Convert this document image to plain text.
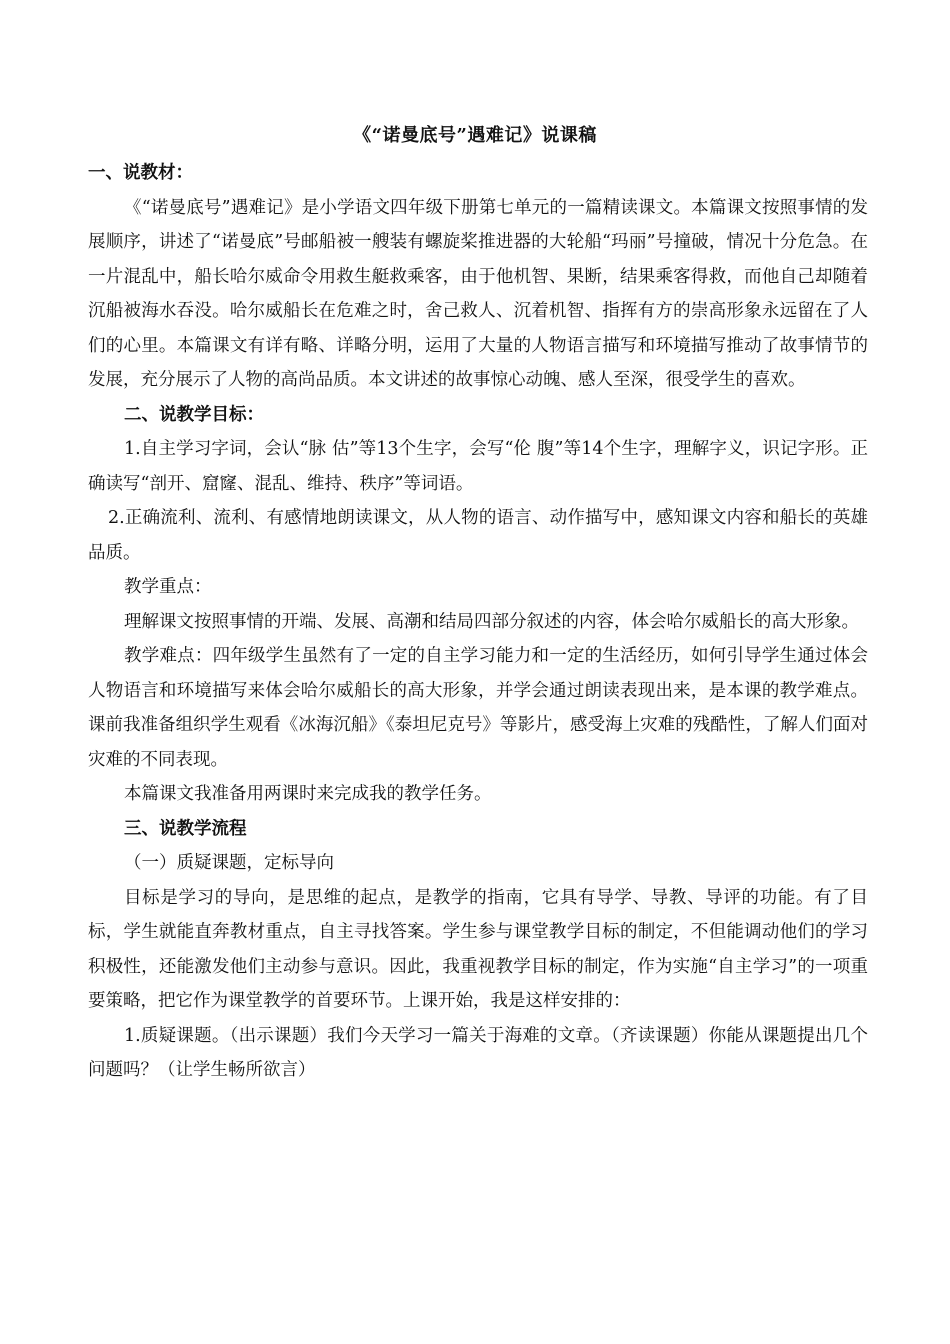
《“诺曼底号”遇难记》说课稿

一、说教材：

《“诺曼底号”遇难记》是小学语文四年级下册第七单元的一篇精读课文。本篇课文按照事情的发展顺序，讲述了“诺曼底”号邮船被一艘装有螺旋桨推进器的大轮船“玛丽”号撞破，情况十分危急。在一片混乱中，船长哈尔威命令用救生艇救乘客，由于他机智、果断，结果乘客得救，而他自己却随着沉船被海水吞没。哈尔威船长在危难之时，舍己救人、沉着机智、指挥有方的崇高形象永远留在了人们的心里。本篇课文有详有略、详略分明，运用了大量的人物语言描写和环境描写推动了故事情节的发展，充分展示了人物的高尚品质。本文讲述的故事惊心动魄、感人至深，很受学生的喜欢。

二、说教学目标：

1.自主学习字词，会认“脉 估”等13个生字，会写“伦 腹”等14个生字，理解字义，识记字形。正确读写“剖开、窟窿、混乱、维持、秩序”等词语。

2.正确流利、流利、有感情地朗读课文，从人物的语言、动作描写中，感知课文内容和船长的英雄品质。

教学重点：

理解课文按照事情的开端、发展、高潮和结局四部分叙述的内容，体会哈尔威船长的高大形象。

教学难点：四年级学生虽然有了一定的自主学习能力和一定的生活经历，如何引导学生通过体会人物语言和环境描写来体会哈尔威船长的高大形象，并学会通过朗读表现出来，是本课的教学难点。课前我准备组织学生观看《冰海沉船》《泰坦尼克号》等影片，感受海上灾难的残酷性，了解人们面对灾难的不同表现。

本篇课文我准备用两课时来完成我的教学任务。

三、说教学流程

（一）质疑课题，定标导向

目标是学习的导向，是思维的起点，是教学的指南，它具有导学、导教、导评的功能。有了目标，学生就能直奔教材重点，自主寻找答案。学生参与课堂教学目标的制定，不但能调动他们的学习积极性，还能激发他们主动参与意识。因此，我重视教学目标的制定，作为实施“自主学习”的一项重要策略，把它作为课堂教学的首要环节。上课开始，我是这样安排的：

1.质疑课题。（出示课题）我们今天学习一篇关于海难的文章。（齐读课题）你能从课题提出几个问题吗？（让学生畅所欲言）
